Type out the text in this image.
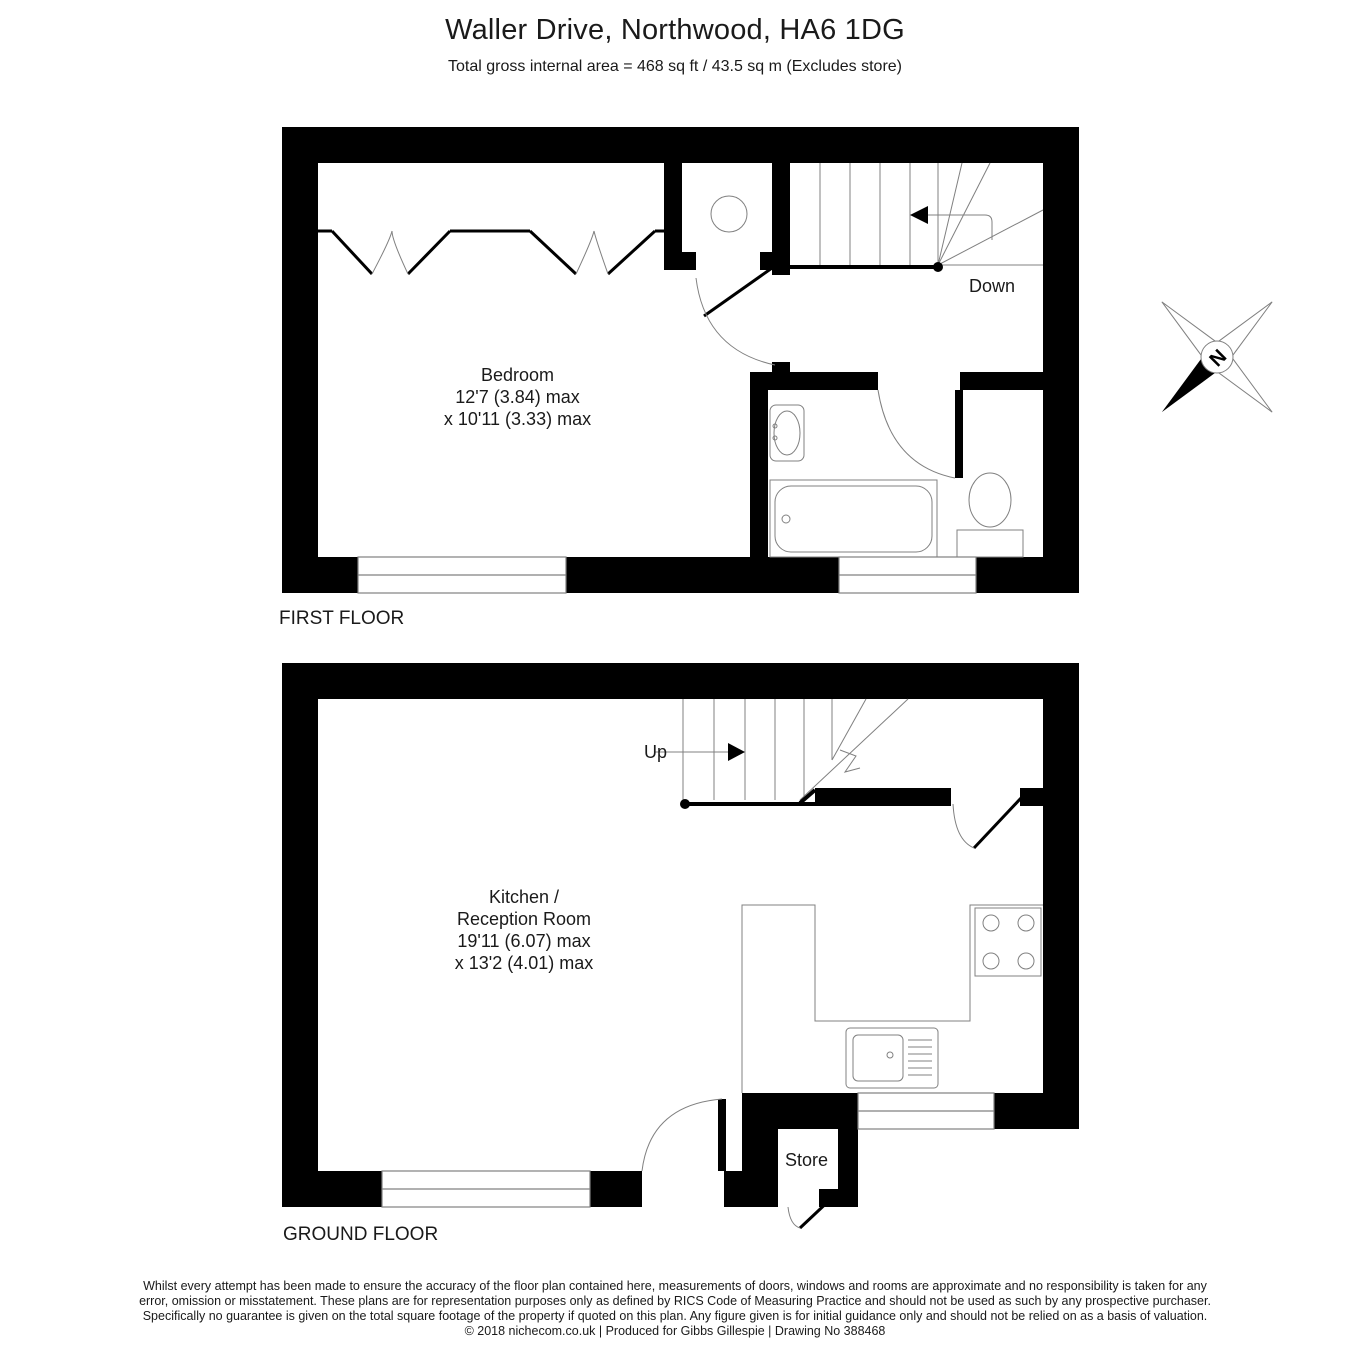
Waller Drive, Northwood, HA6 1DG
Total gross internal area = 468 sq ft / 43.5 sq m (Excludes store)
N
Bedroom
12'7 (3.84) max
x 10'11 (3.33) max
Down
FIRST FLOOR
Kitchen /
Reception Room
19'11 (6.07) max
x 13'2 (4.01) max
Up
Store
GROUND FLOOR
Whilst every attempt has been made to ensure the accuracy of the floor plan contained here, measurements of doors, windows and rooms are approximate and no responsibility is taken for any
error, omission or misstatement. These plans are for representation purposes only as defined by RICS Code of Measuring Practice and should not be used as such by any prospective purchaser.
Specifically no guarantee is given on the total square footage of the property if quoted on this plan. Any figure given is for initial guidance only and should not be relied on as a basis of valuation.
© 2018 nichecom.co.uk | Produced for Gibbs Gillespie | Drawing No 388468
